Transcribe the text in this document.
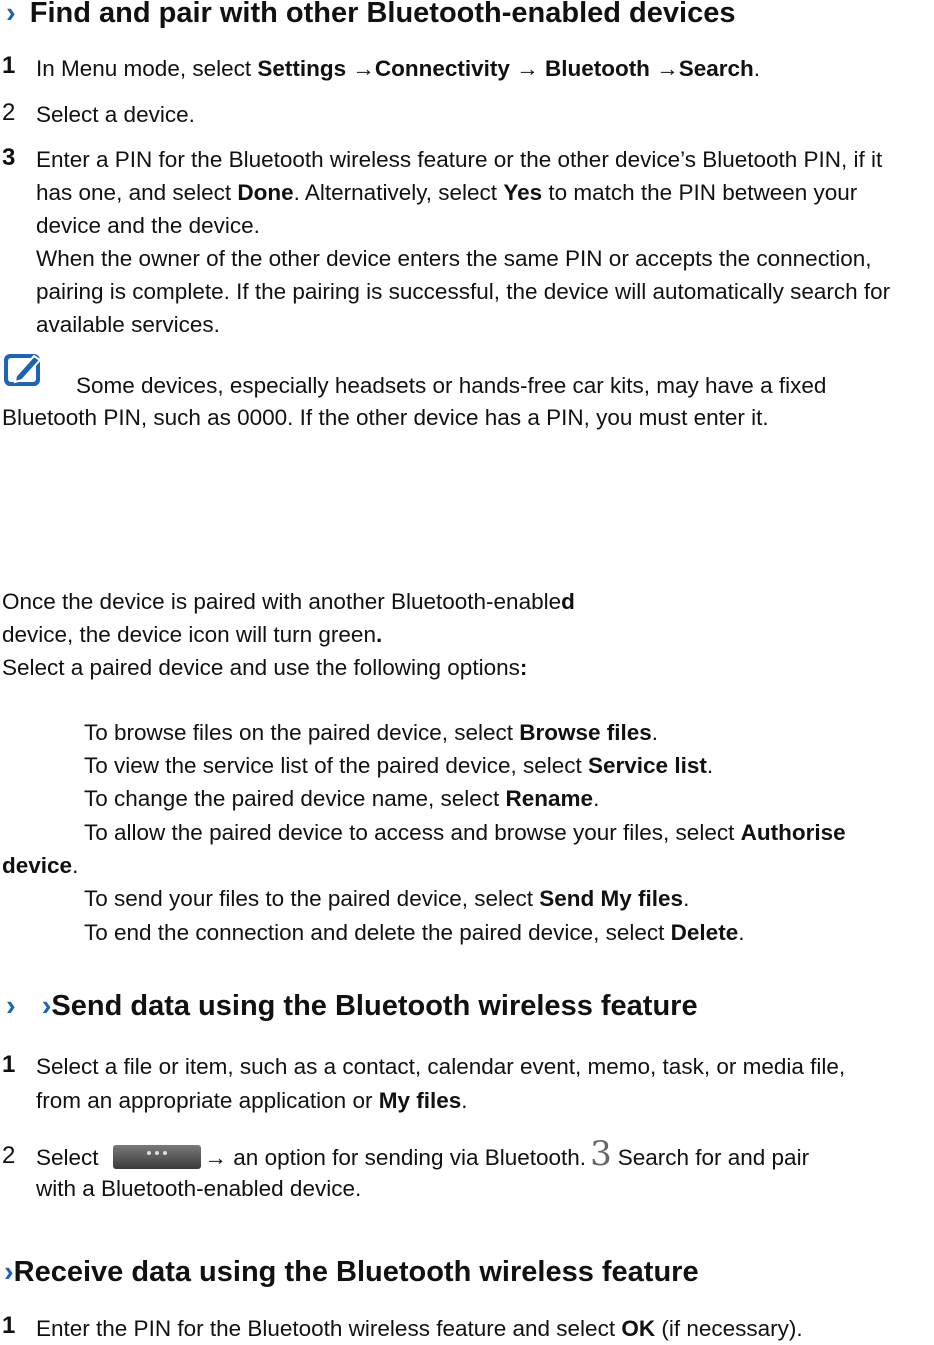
› Find and pair with other Bluetooth-enabled devices
1 In Menu mode, select Settings →Connectivity → Bluetooth →Search.
2 Select a device.
3 Enter a PIN for the Bluetooth wireless feature or the other device’s Bluetooth PIN, if it has one, and select Done. Alternatively, select Yes to match the PIN between your device and the device.
When the owner of the other device enters the same PIN or accepts the connection, pairing is complete. If the pairing is successful, the device will automatically search for available services.
Some devices, especially headsets or hands-free car kits, may have a fixed
Bluetooth PIN, such as 0000. If the other device has a PIN, you must enter it.
Once the device is paired with another Bluetooth-enabled
device, the device icon will turn green.
Select a paired device and use the following options:
To browse files on the paired device, select Browse files.
To view the service list of the paired device, select Service list.
To change the paired device name, select Rename.
To allow the paired device to access and browse your files, select Authorise
device.
To send your files to the paired device, select Send My files.
To end the connection and delete the paired device, select Delete.
› ›Send data using the Bluetooth wireless feature
1 Select a file or item, such as a contact, calendar event, memo, task, or media file,
from an appropriate application or My files.
2 Select	→ an option for sending via Bluetooth. 3 Search for and pair
with a Bluetooth-enabled device.
›Receive data using the Bluetooth wireless feature
1 Enter the PIN for the Bluetooth wireless feature and select OK (if necessary).
